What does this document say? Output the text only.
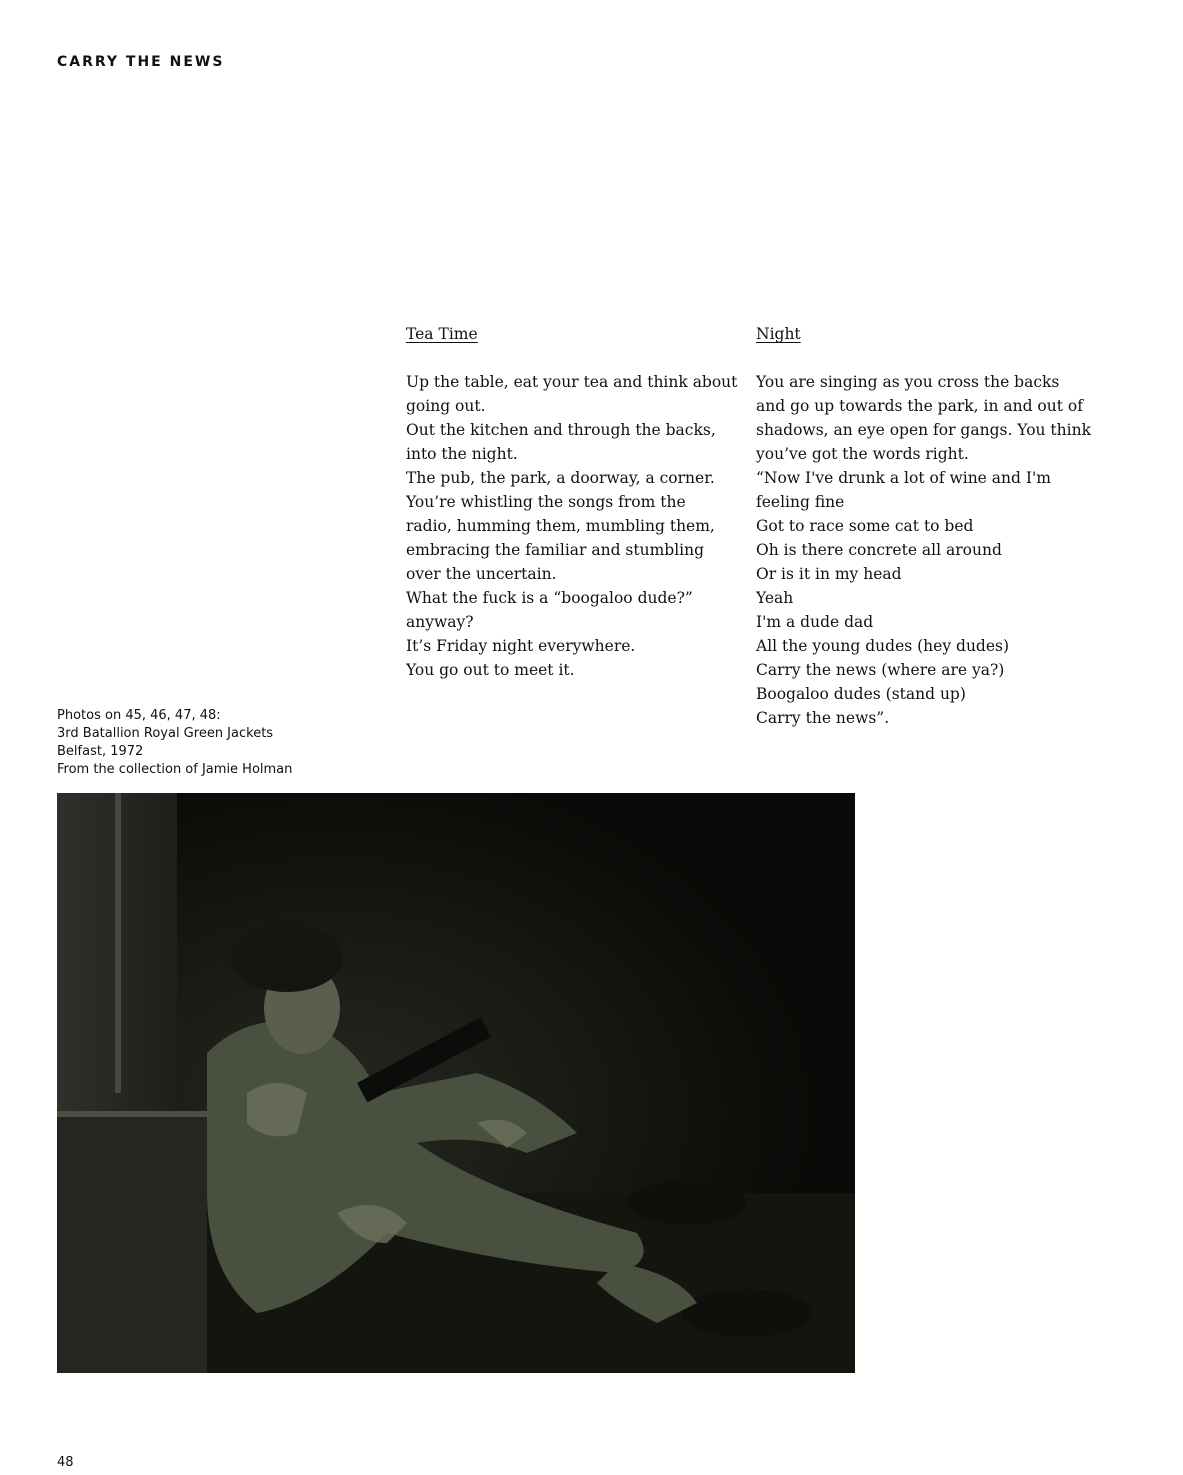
CARRY THE NEWS
Tea Time
Up the table, eat your tea and think about
going out.
Out the kitchen and through the backs,
into the night.
The pub, the park, a doorway, a corner.
You’re whistling the songs from the
radio, humming them, mumbling them,
embracing the familiar and stumbling
over the uncertain.
What the fuck is a “boogaloo dude?”
anyway?
It’s Friday night everywhere.
You go out to meet it.
Night
You are singing as you cross the backs
and go up towards the park, in and out of
shadows, an eye open for gangs. You think
you’ve got the words right.
“Now I've drunk a lot of wine and I'm
feeling fine
Got to race some cat to bed
Oh is there concrete all around
Or is it in my head
Yeah
I'm a dude dad
All the young dudes (hey dudes)
Carry the news (where are ya?)
Boogaloo dudes (stand up)
Carry the news”.
Photos on 45, 46, 47, 48:
3rd Batallion Royal Green Jackets
Belfast, 1972
From the collection of Jamie Holman
48
